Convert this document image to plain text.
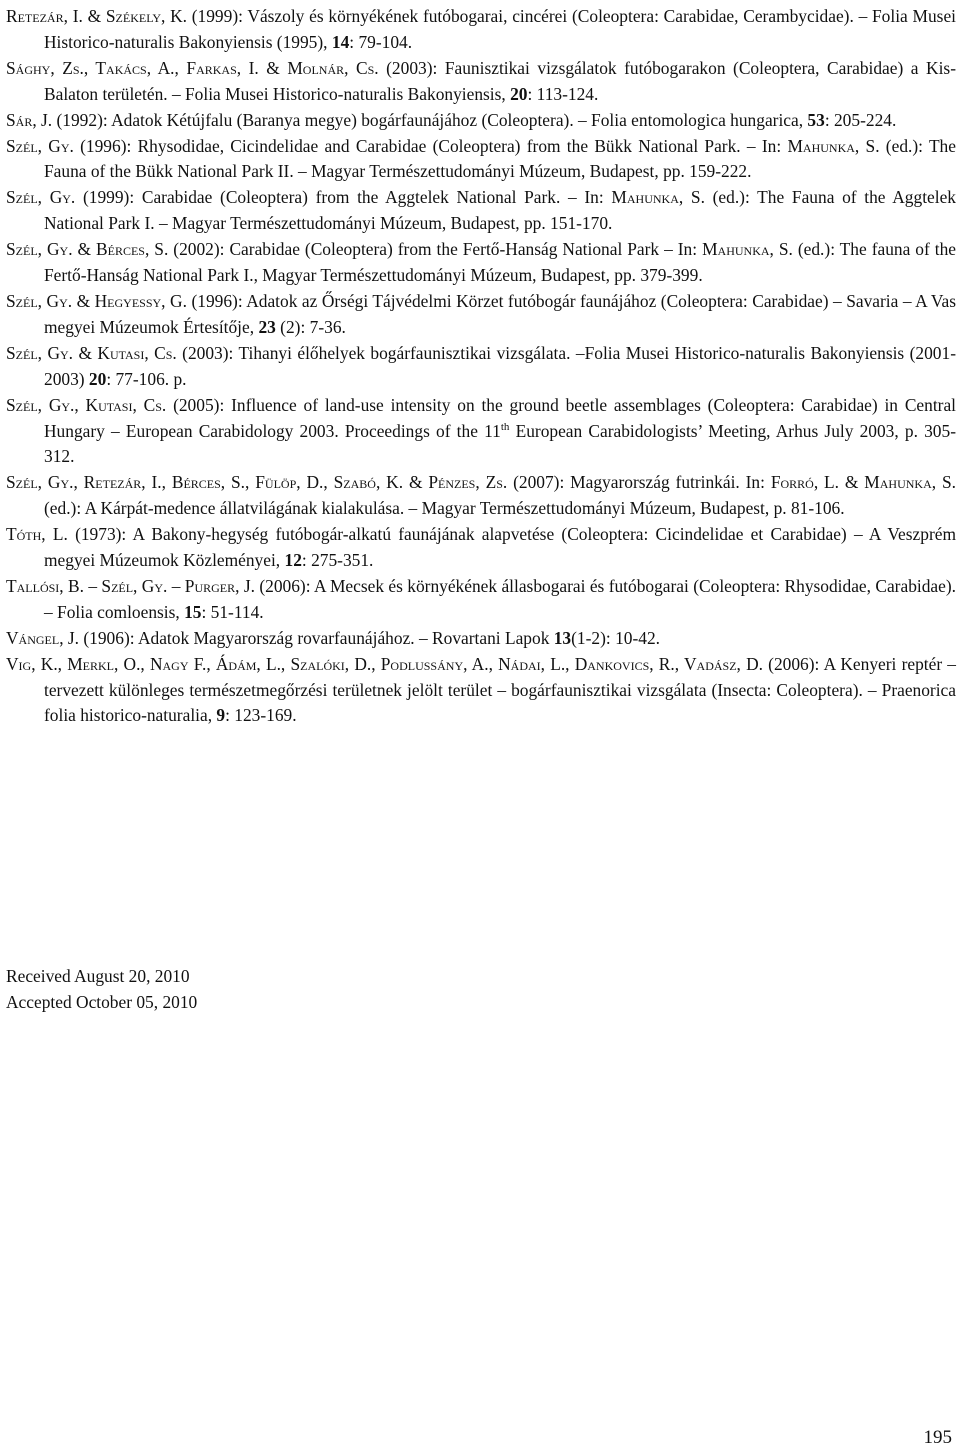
Retezár, I. & Székely, K. (1999): Vászoly és környékének futóbogarai, cincérei (Coleoptera: Carabidae, Cerambycidae). – Folia Musei Historico-naturalis Bakonyiensis (1995), 14: 79-104.
Sághy, Zs., Takács, A., Farkas, I. & Molnár, Cs. (2003): Faunisztikai vizsgálatok futóbogarakon (Coleoptera, Carabidae) a Kis-Balaton területén. – Folia Musei Historico-naturalis Bakonyiensis, 20: 113-124.
Sár, J. (1992): Adatok Kétújfalu (Baranya megye) bogárfaunájához (Coleoptera). – Folia entomologica hungarica, 53: 205-224.
Szél, Gy. (1996): Rhysodidae, Cicindelidae and Carabidae (Coleoptera) from the Bükk National Park. – In: Mahunka, S. (ed.): The Fauna of the Bükk National Park II. – Magyar Természettudományi Múzeum, Budapest, pp. 159-222.
Szél, Gy. (1999): Carabidae (Coleoptera) from the Aggtelek National Park. – In: Mahunka, S. (ed.): The Fauna of the Aggtelek National Park I. – Magyar Természettudományi Múzeum, Budapest, pp. 151-170.
Szél, Gy. & Bérces, S. (2002): Carabidae (Coleoptera) from the Fertő-Hanság National Park – In: Mahunka, S. (ed.): The fauna of the Fertő-Hanság National Park I., Magyar Természettudományi Múzeum, Budapest, pp. 379-399.
Szél, Gy. & Hegyessy, G. (1996): Adatok az Őrségi Tájvédelmi Körzet futóbogár faunájához (Coleoptera: Carabidae) – Savaria – A Vas megyei Múzeumok Értesítője, 23 (2): 7-36.
Szél, Gy. & Kutasi, Cs. (2003): Tihanyi élőhelyek bogárfaunisztikai vizsgálata. –Folia Musei Historico-naturalis Bakonyiensis (2001-2003) 20: 77-106. p.
Szél, Gy., Kutasi, Cs. (2005): Influence of land-use intensity on the ground beetle assemblages (Coleoptera: Carabidae) in Central Hungary – European Carabidology 2003. Proceedings of the 11th European Carabidologists’ Meeting, Arhus July 2003, p. 305-312.
Szél, Gy., Retezár, I., Bérces, S., Fülöp, D., Szabó, K. & Pénzes, Zs. (2007): Magyarország futrinkái. In: Forró, L. & Mahunka, S. (ed.): A Kárpát-medence állatvilágának kialakulása. – Magyar Természettudományi Múzeum, Budapest, p. 81-106.
Tóth, L. (1973): A Bakony-hegység futóbogár-alkatú faunájának alapvetése (Coleoptera: Cicindelidae et Carabidae) – A Veszprém megyei Múzeumok Közleményei, 12: 275-351.
Tallósi, B. – Szél, Gy. – Purger, J. (2006): A Mecsek és környékének állasbogarai és futóbogarai (Coleoptera: Rhysodidae, Carabidae). – Folia comloensis, 15: 51-114.
Vángel, J. (1906): Adatok Magyarország rovarfaunájához. – Rovartani Lapok 13(1-2): 10-42.
Vig, K., Merkl, O., Nagy F., Ádám, L., Szalóki, D., Podlussány, A., Nádai, L., Dankovics, R., Vadász, D. (2006): A Kenyeri reptér – tervezett különleges természetmegőrzési területnek jelölt terület – bogárfaunisztikai vizsgálata (Insecta: Coleoptera). – Praenorica folia historico-naturalia, 9: 123-169.
Received August 20, 2010
Accepted October 05, 2010
195
